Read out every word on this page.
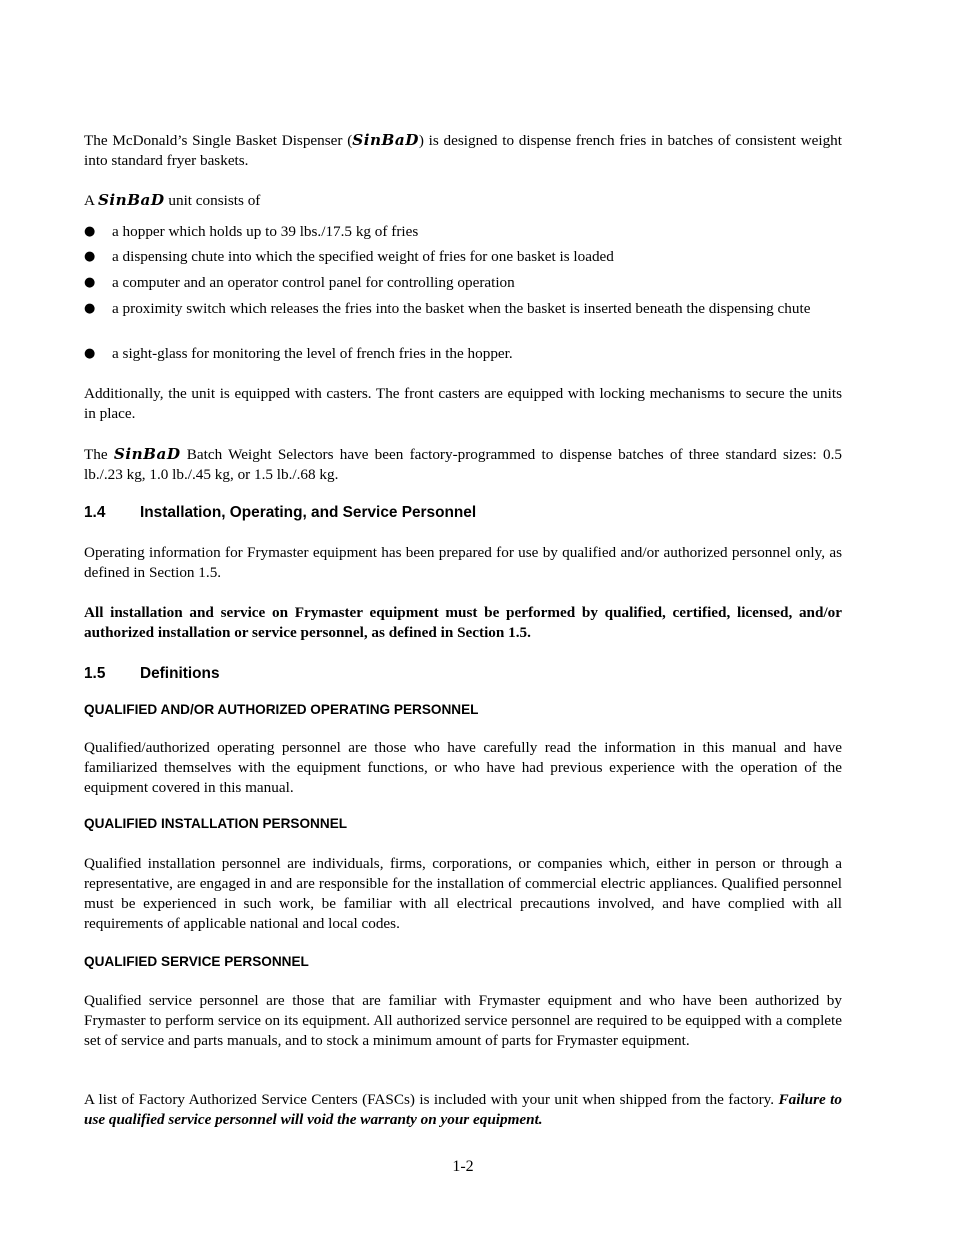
The McDonald’s Single Basket Dispenser (SinBaD) is designed to dispense french fries in batches of consistent weight into standard fryer baskets.

A SinBaD unit consists of

● a hopper which holds up to 39 lbs./17.5 kg of fries

● a dispensing chute into which the specified weight of fries for one basket is loaded

● a computer and an operator control panel for controlling operation

● a proximity switch which releases the fries into the basket when the basket is inserted beneath the dispensing chute

● a sight-glass for monitoring the level of french fries in the hopper.

Additionally, the unit is equipped with casters. The front casters are equipped with locking mechanisms to secure the units in place.

The SinBaD Batch Weight Selectors have been factory-programmed to dispense batches of three standard sizes: 0.5 lb./.23 kg, 1.0 lb./.45 kg, or 1.5 lb./.68 kg.

1.4 Installation, Operating, and Service Personnel

Operating information for Frymaster equipment has been prepared for use by qualified and/or authorized personnel only, as defined in Section 1.5.

All installation and service on Frymaster equipment must be performed by qualified, certified, licensed, and/or authorized installation or service personnel, as defined in Section 1.5.

1.5 Definitions
QUALIFIED AND/OR AUTHORIZED OPERATING PERSONNEL

Qualified/authorized operating personnel are those who have carefully read the information in this manual and have familiarized themselves with the equipment functions, or who have had previous experience with the operation of the equipment covered in this manual.

QUALIFIED INSTALLATION PERSONNEL

Qualified installation personnel are individuals, firms, corporations, or companies which, either in person or through a representative, are engaged in and are responsible for the installation of commercial electric appliances. Qualified personnel must be experienced in such work, be familiar with all electrical precautions involved, and have complied with all requirements of applicable national and local codes.

QUALIFIED SERVICE PERSONNEL

Qualified service personnel are those that are familiar with Frymaster equipment and who have been authorized by Frymaster to perform service on its equipment. All authorized service personnel are required to be equipped with a complete set of service and parts manuals, and to stock a minimum amount of parts for Frymaster equipment.

A list of Factory Authorized Service Centers (FASCs) is included with your unit when shipped from the factory. Failure to use qualified service personnel will void the warranty on your equipment.

1-2
